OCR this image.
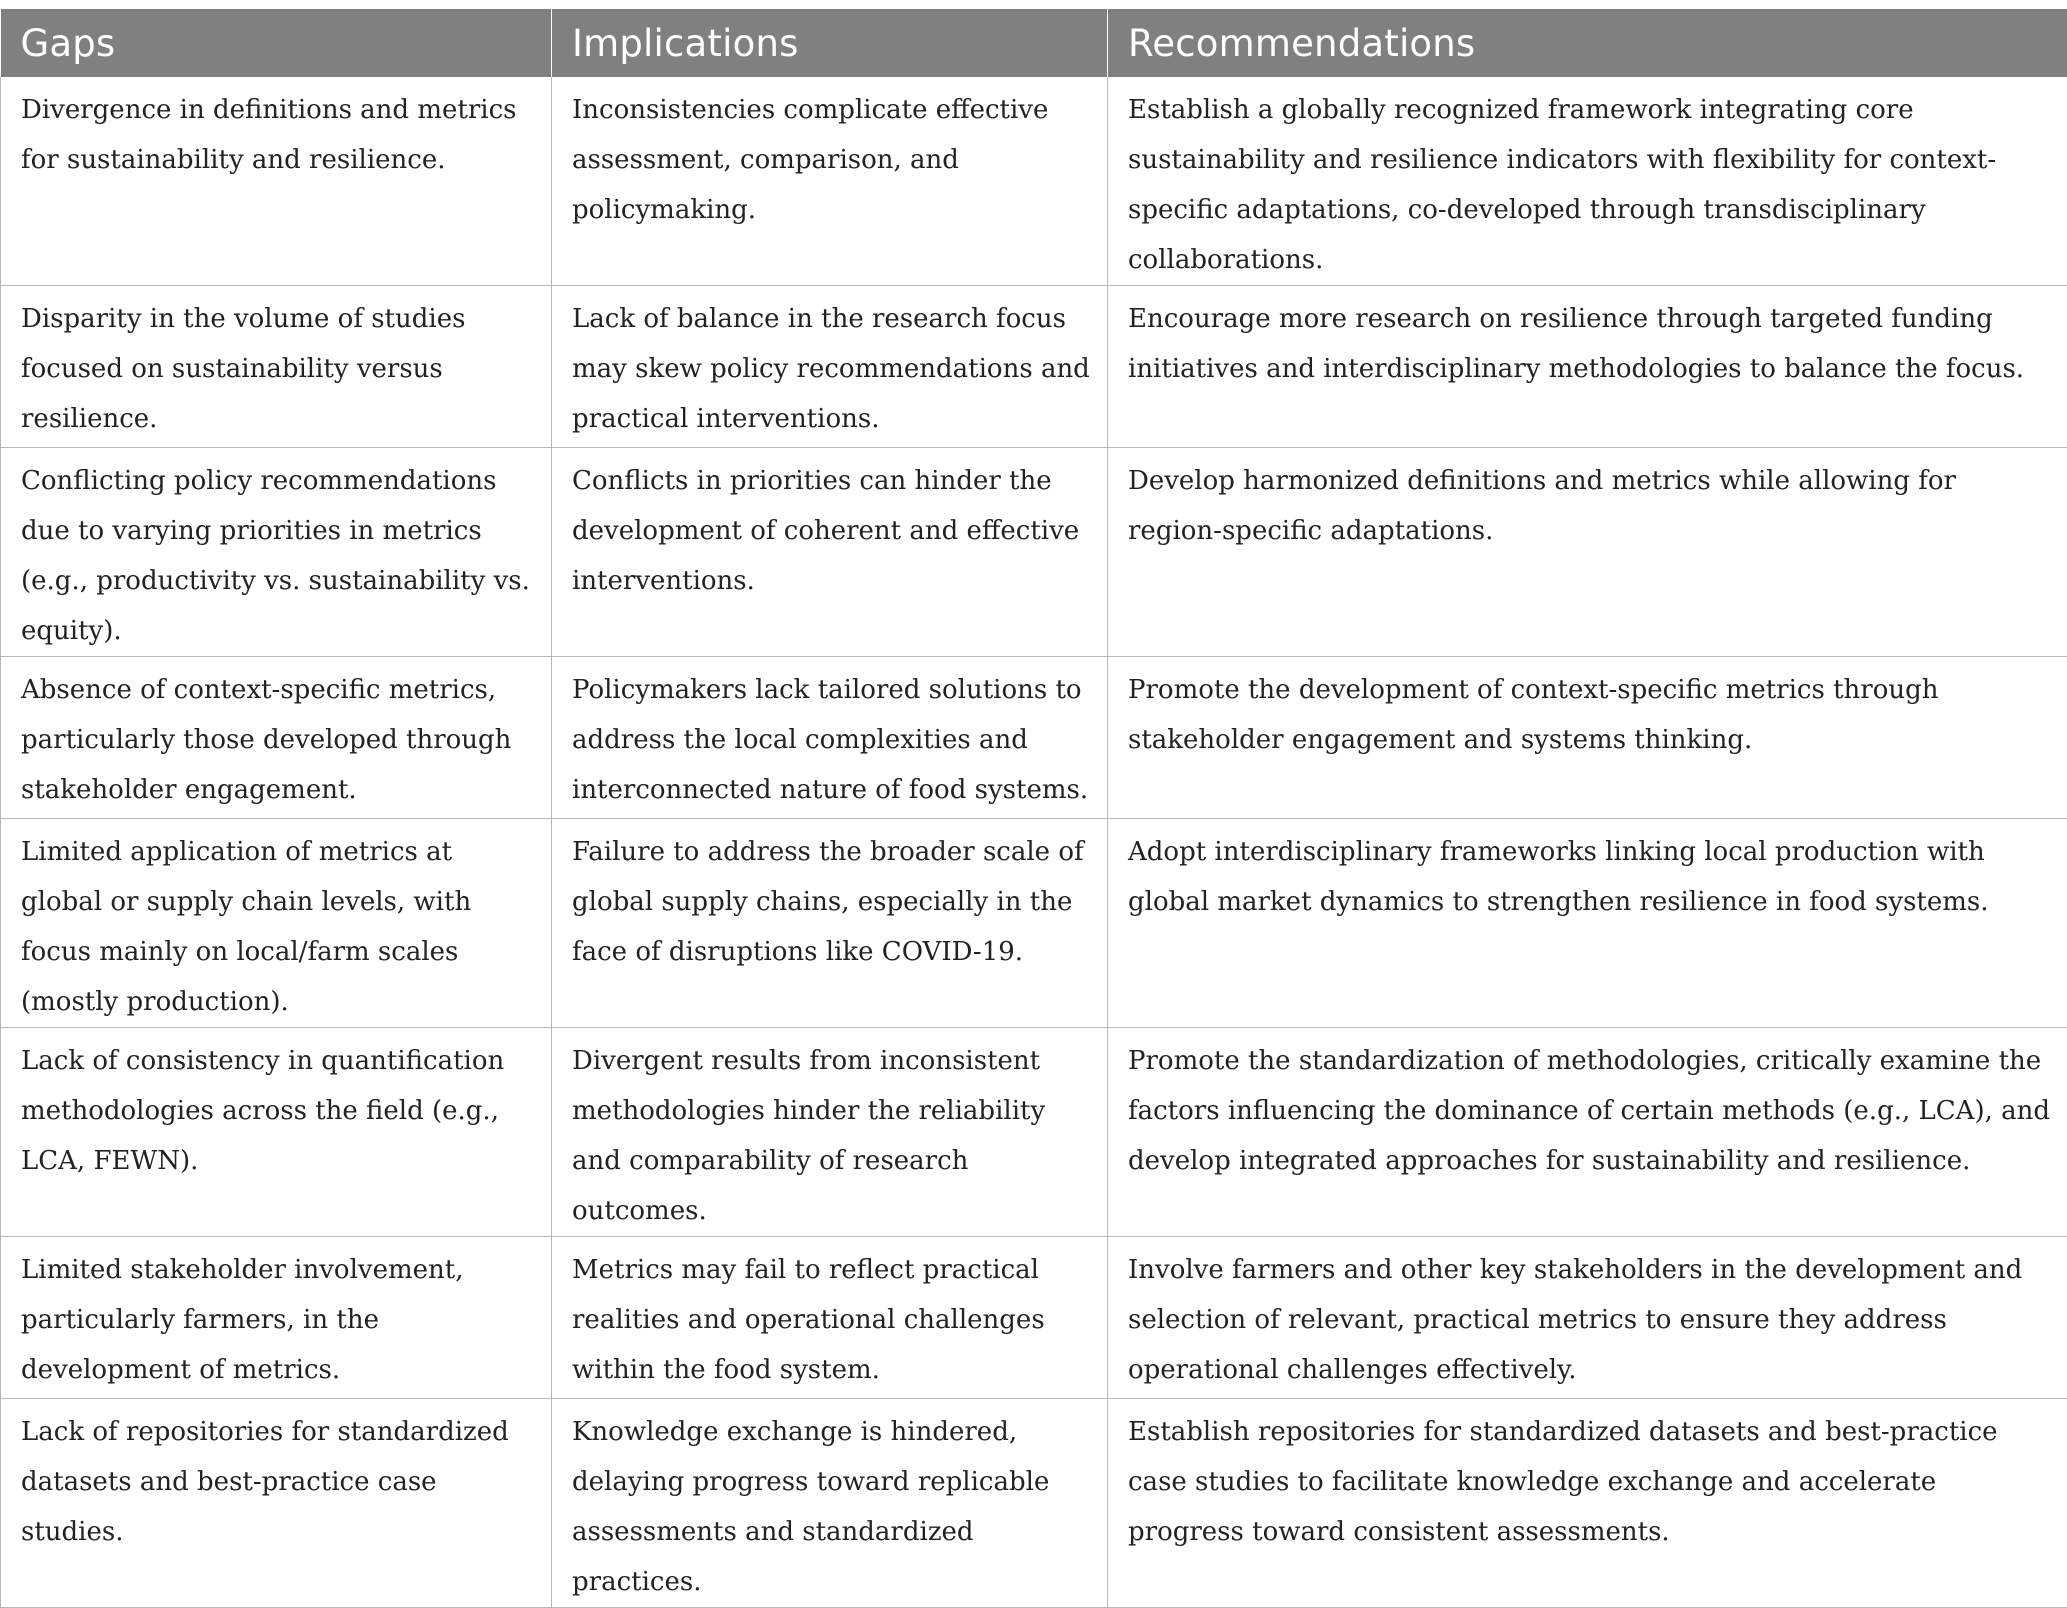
Gaps	Implications	Recommendations
Divergence in definitions and metrics for sustainability and resilience.	Inconsistencies complicate effective assessment, comparison, and policymaking.	Establish a globally recognized framework integrating core sustainability and resilience indicators with flexibility for context-specific adaptations, co-developed through transdisciplinary collaborations.
Disparity in the volume of studies focused on sustainability versus resilience.	Lack of balance in the research focus may skew policy recommendations and practical interventions.	Encourage more research on resilience through targeted funding initiatives and interdisciplinary methodologies to balance the focus.
Conflicting policy recommendations due to varying priorities in metrics (e.g., productivity vs. sustainability vs. equity).	Conflicts in priorities can hinder the development of coherent and effective interventions.	Develop harmonized definitions and metrics while allowing for region-specific adaptations.
Absence of context-specific metrics, particularly those developed through stakeholder engagement.	Policymakers lack tailored solutions to address the local complexities and interconnected nature of food systems.	Promote the development of context-specific metrics through stakeholder engagement and systems thinking.
Limited application of metrics at global or supply chain levels, with focus mainly on local/farm scales (mostly production).	Failure to address the broader scale of global supply chains, especially in the face of disruptions like COVID-19.	Adopt interdisciplinary frameworks linking local production with global market dynamics to strengthen resilience in food systems.
Lack of consistency in quantification methodologies across the field (e.g., LCA, FEWN).	Divergent results from inconsistent methodologies hinder the reliability and comparability of research outcomes.	Promote the standardization of methodologies, critically examine the factors influencing the dominance of certain methods (e.g., LCA), and develop integrated approaches for sustainability and resilience.
Limited stakeholder involvement, particularly farmers, in the development of metrics.	Metrics may fail to reflect practical realities and operational challenges within the food system.	Involve farmers and other key stakeholders in the development and selection of relevant, practical metrics to ensure they address operational challenges effectively.
Lack of repositories for standardized datasets and best-practice case studies.	Knowledge exchange is hindered, delaying progress toward replicable assessments and standardized practices.	Establish repositories for standardized datasets and best-practice case studies to facilitate knowledge exchange and accelerate progress toward consistent assessments.
